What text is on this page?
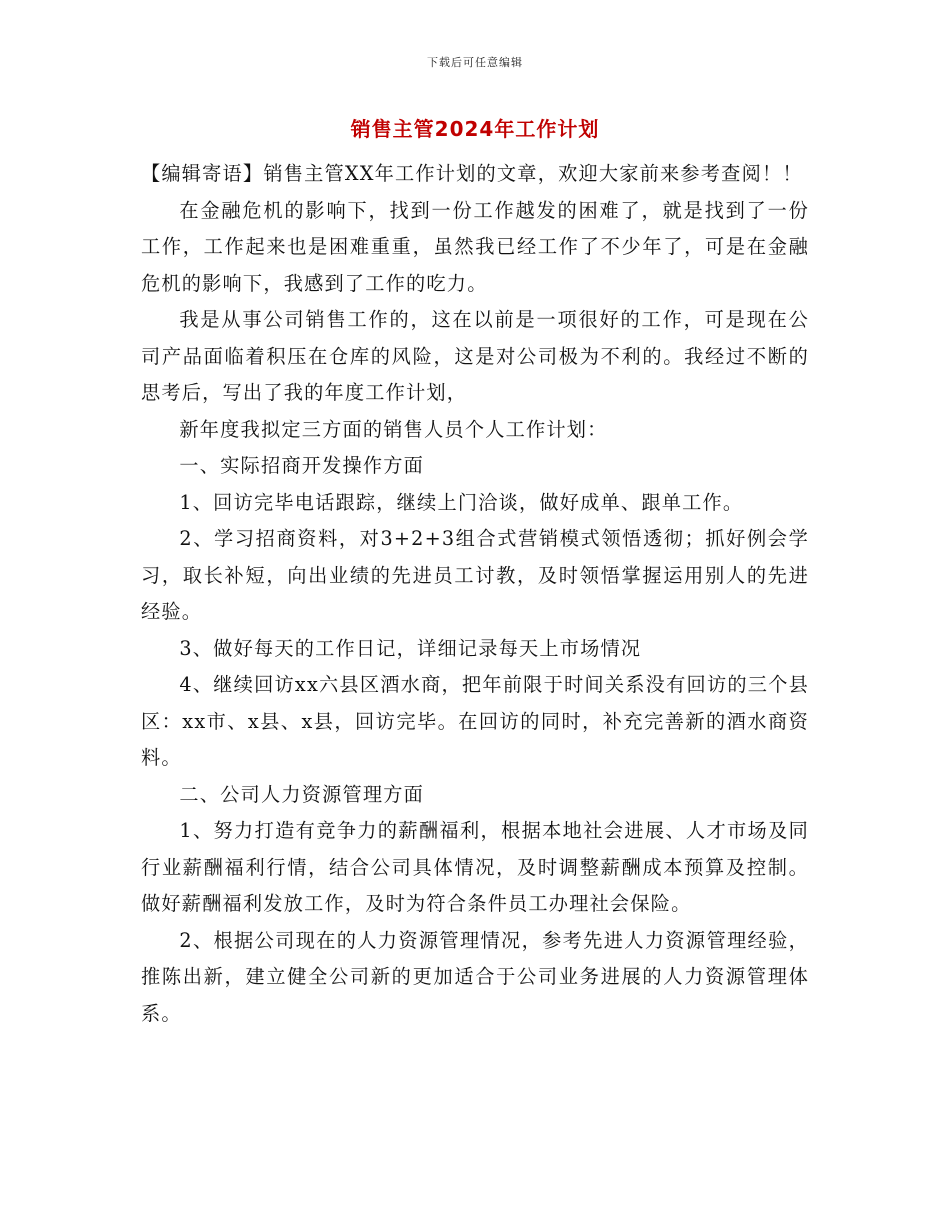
下载后可任意编辑
销售主管2024年工作计划

【编辑寄语】销售主管XX年工作计划的文章，欢迎大家前来参考查阅！！

在金融危机的影响下，找到一份工作越发的困难了，就是找到了一份工作，工作起来也是困难重重，虽然我已经工作了不少年了，可是在金融危机的影响下，我感到了工作的吃力。

我是从事公司销售工作的，这在以前是一项很好的工作，可是现在公司产品面临着积压在仓库的风险，这是对公司极为不利的。我经过不断的思考后，写出了我的年度工作计划，

新年度我拟定三方面的销售人员个人工作计划：

一、实际招商开发操作方面

1、回访完毕电话跟踪，继续上门洽谈，做好成单、跟单工作。

2、学习招商资料，对3+2+3组合式营销模式领悟透彻；抓好例会学习，取长补短，向出业绩的先进员工讨教，及时领悟掌握运用别人的先进经验。

3、做好每天的工作日记，详细记录每天上市场情况

4、继续回访xx六县区酒水商，把年前限于时间关系没有回访的三个县区：xx市、x县、x县，回访完毕。在回访的同时，补充完善新的酒水商资料。

二、公司人力资源管理方面

1、努力打造有竞争力的薪酬福利，根据本地社会进展、人才市场及同行业薪酬福利行情，结合公司具体情况，及时调整薪酬成本预算及控制。做好薪酬福利发放工作，及时为符合条件员工办理社会保险。

2、根据公司现在的人力资源管理情况，参考先进人力资源管理经验，推陈出新，建立健全公司新的更加适合于公司业务进展的人力资源管理体系。
